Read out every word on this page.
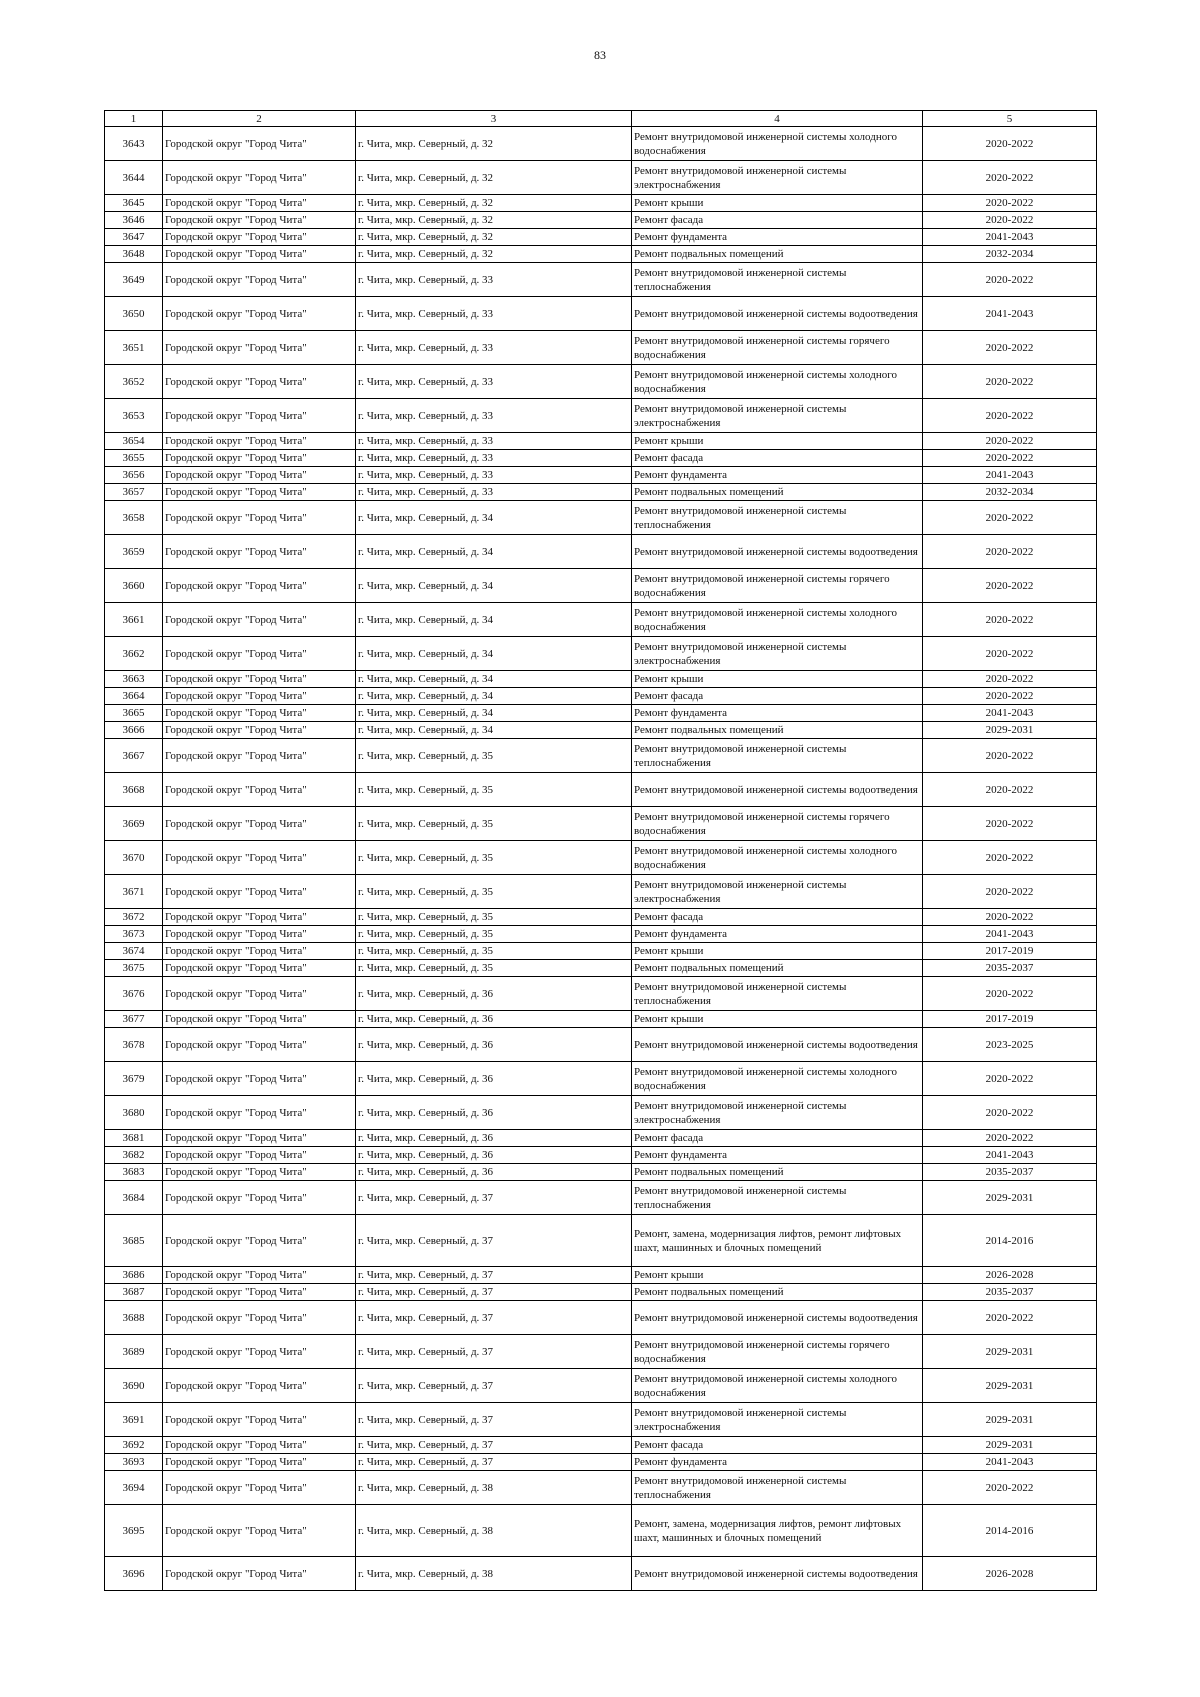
83
1	2	3	4	5
3643	Городской округ "Город Чита"	г. Чита, мкр. Северный, д. 32	Ремонт внутридомовой инженерной системы холодного водоснабжения	2020-2022
3644	Городской округ "Город Чита"	г. Чита, мкр. Северный, д. 32	Ремонт внутридомовой инженерной системы электроснабжения	2020-2022
3645	Городской округ "Город Чита"	г. Чита, мкр. Северный, д. 32	Ремонт крыши	2020-2022
3646	Городской округ "Город Чита"	г. Чита, мкр. Северный, д. 32	Ремонт фасада	2020-2022
3647	Городской округ "Город Чита"	г. Чита, мкр. Северный, д. 32	Ремонт фундамента	2041-2043
3648	Городской округ "Город Чита"	г. Чита, мкр. Северный, д. 32	Ремонт подвальных помещений	2032-2034
3649	Городской округ "Город Чита"	г. Чита, мкр. Северный, д. 33	Ремонт внутридомовой инженерной системы теплоснабжения	2020-2022
3650	Городской округ "Город Чита"	г. Чита, мкр. Северный, д. 33	Ремонт внутридомовой инженерной системы водоотведения	2041-2043
3651	Городской округ "Город Чита"	г. Чита, мкр. Северный, д. 33	Ремонт внутридомовой инженерной системы горячего водоснабжения	2020-2022
3652	Городской округ "Город Чита"	г. Чита, мкр. Северный, д. 33	Ремонт внутридомовой инженерной системы холодного водоснабжения	2020-2022
3653	Городской округ "Город Чита"	г. Чита, мкр. Северный, д. 33	Ремонт внутридомовой инженерной системы электроснабжения	2020-2022
3654	Городской округ "Город Чита"	г. Чита, мкр. Северный, д. 33	Ремонт крыши	2020-2022
3655	Городской округ "Город Чита"	г. Чита, мкр. Северный, д. 33	Ремонт фасада	2020-2022
3656	Городской округ "Город Чита"	г. Чита, мкр. Северный, д. 33	Ремонт фундамента	2041-2043
3657	Городской округ "Город Чита"	г. Чита, мкр. Северный, д. 33	Ремонт подвальных помещений	2032-2034
3658	Городской округ "Город Чита"	г. Чита, мкр. Северный, д. 34	Ремонт внутридомовой инженерной системы теплоснабжения	2020-2022
3659	Городской округ "Город Чита"	г. Чита, мкр. Северный, д. 34	Ремонт внутридомовой инженерной системы водоотведения	2020-2022
3660	Городской округ "Город Чита"	г. Чита, мкр. Северный, д. 34	Ремонт внутридомовой инженерной системы горячего водоснабжения	2020-2022
3661	Городской округ "Город Чита"	г. Чита, мкр. Северный, д. 34	Ремонт внутридомовой инженерной системы холодного водоснабжения	2020-2022
3662	Городской округ "Город Чита"	г. Чита, мкр. Северный, д. 34	Ремонт внутридомовой инженерной системы электроснабжения	2020-2022
3663	Городской округ "Город Чита"	г. Чита, мкр. Северный, д. 34	Ремонт крыши	2020-2022
3664	Городской округ "Город Чита"	г. Чита, мкр. Северный, д. 34	Ремонт фасада	2020-2022
3665	Городской округ "Город Чита"	г. Чита, мкр. Северный, д. 34	Ремонт фундамента	2041-2043
3666	Городской округ "Город Чита"	г. Чита, мкр. Северный, д. 34	Ремонт подвальных помещений	2029-2031
3667	Городской округ "Город Чита"	г. Чита, мкр. Северный, д. 35	Ремонт внутридомовой инженерной системы теплоснабжения	2020-2022
3668	Городской округ "Город Чита"	г. Чита, мкр. Северный, д. 35	Ремонт внутридомовой инженерной системы водоотведения	2020-2022
3669	Городской округ "Город Чита"	г. Чита, мкр. Северный, д. 35	Ремонт внутридомовой инженерной системы горячего водоснабжения	2020-2022
3670	Городской округ "Город Чита"	г. Чита, мкр. Северный, д. 35	Ремонт внутридомовой инженерной системы холодного водоснабжения	2020-2022
3671	Городской округ "Город Чита"	г. Чита, мкр. Северный, д. 35	Ремонт внутридомовой инженерной системы электроснабжения	2020-2022
3672	Городской округ "Город Чита"	г. Чита, мкр. Северный, д. 35	Ремонт фасада	2020-2022
3673	Городской округ "Город Чита"	г. Чита, мкр. Северный, д. 35	Ремонт фундамента	2041-2043
3674	Городской округ "Город Чита"	г. Чита, мкр. Северный, д. 35	Ремонт крыши	2017-2019
3675	Городской округ "Город Чита"	г. Чита, мкр. Северный, д. 35	Ремонт подвальных помещений	2035-2037
3676	Городской округ "Город Чита"	г. Чита, мкр. Северный, д. 36	Ремонт внутридомовой инженерной системы теплоснабжения	2020-2022
3677	Городской округ "Город Чита"	г. Чита, мкр. Северный, д. 36	Ремонт крыши	2017-2019
3678	Городской округ "Город Чита"	г. Чита, мкр. Северный, д. 36	Ремонт внутридомовой инженерной системы водоотведения	2023-2025
3679	Городской округ "Город Чита"	г. Чита, мкр. Северный, д. 36	Ремонт внутридомовой инженерной системы холодного водоснабжения	2020-2022
3680	Городской округ "Город Чита"	г. Чита, мкр. Северный, д. 36	Ремонт внутридомовой инженерной системы электроснабжения	2020-2022
3681	Городской округ "Город Чита"	г. Чита, мкр. Северный, д. 36	Ремонт фасада	2020-2022
3682	Городской округ "Город Чита"	г. Чита, мкр. Северный, д. 36	Ремонт фундамента	2041-2043
3683	Городской округ "Город Чита"	г. Чита, мкр. Северный, д. 36	Ремонт подвальных помещений	2035-2037
3684	Городской округ "Город Чита"	г. Чита, мкр. Северный, д. 37	Ремонт внутридомовой инженерной системы теплоснабжения	2029-2031
3685	Городской округ "Город Чита"	г. Чита, мкр. Северный, д. 37	Ремонт, замена, модернизация лифтов, ремонт лифтовых шахт, машинных и блочных помещений	2014-2016
3686	Городской округ "Город Чита"	г. Чита, мкр. Северный, д. 37	Ремонт крыши	2026-2028
3687	Городской округ "Город Чита"	г. Чита, мкр. Северный, д. 37	Ремонт подвальных помещений	2035-2037
3688	Городской округ "Город Чита"	г. Чита, мкр. Северный, д. 37	Ремонт внутридомовой инженерной системы водоотведения	2020-2022
3689	Городской округ "Город Чита"	г. Чита, мкр. Северный, д. 37	Ремонт внутридомовой инженерной системы горячего водоснабжения	2029-2031
3690	Городской округ "Город Чита"	г. Чита, мкр. Северный, д. 37	Ремонт внутридомовой инженерной системы холодного водоснабжения	2029-2031
3691	Городской округ "Город Чита"	г. Чита, мкр. Северный, д. 37	Ремонт внутридомовой инженерной системы электроснабжения	2029-2031
3692	Городской округ "Город Чита"	г. Чита, мкр. Северный, д. 37	Ремонт фасада	2029-2031
3693	Городской округ "Город Чита"	г. Чита, мкр. Северный, д. 37	Ремонт фундамента	2041-2043
3694	Городской округ "Город Чита"	г. Чита, мкр. Северный, д. 38	Ремонт внутридомовой инженерной системы теплоснабжения	2020-2022
3695	Городской округ "Город Чита"	г. Чита, мкр. Северный, д. 38	Ремонт, замена, модернизация лифтов, ремонт лифтовых шахт, машинных и блочных помещений	2014-2016
3696	Городской округ "Город Чита"	г. Чита, мкр. Северный, д. 38	Ремонт внутридомовой инженерной системы водоотведения	2026-2028
